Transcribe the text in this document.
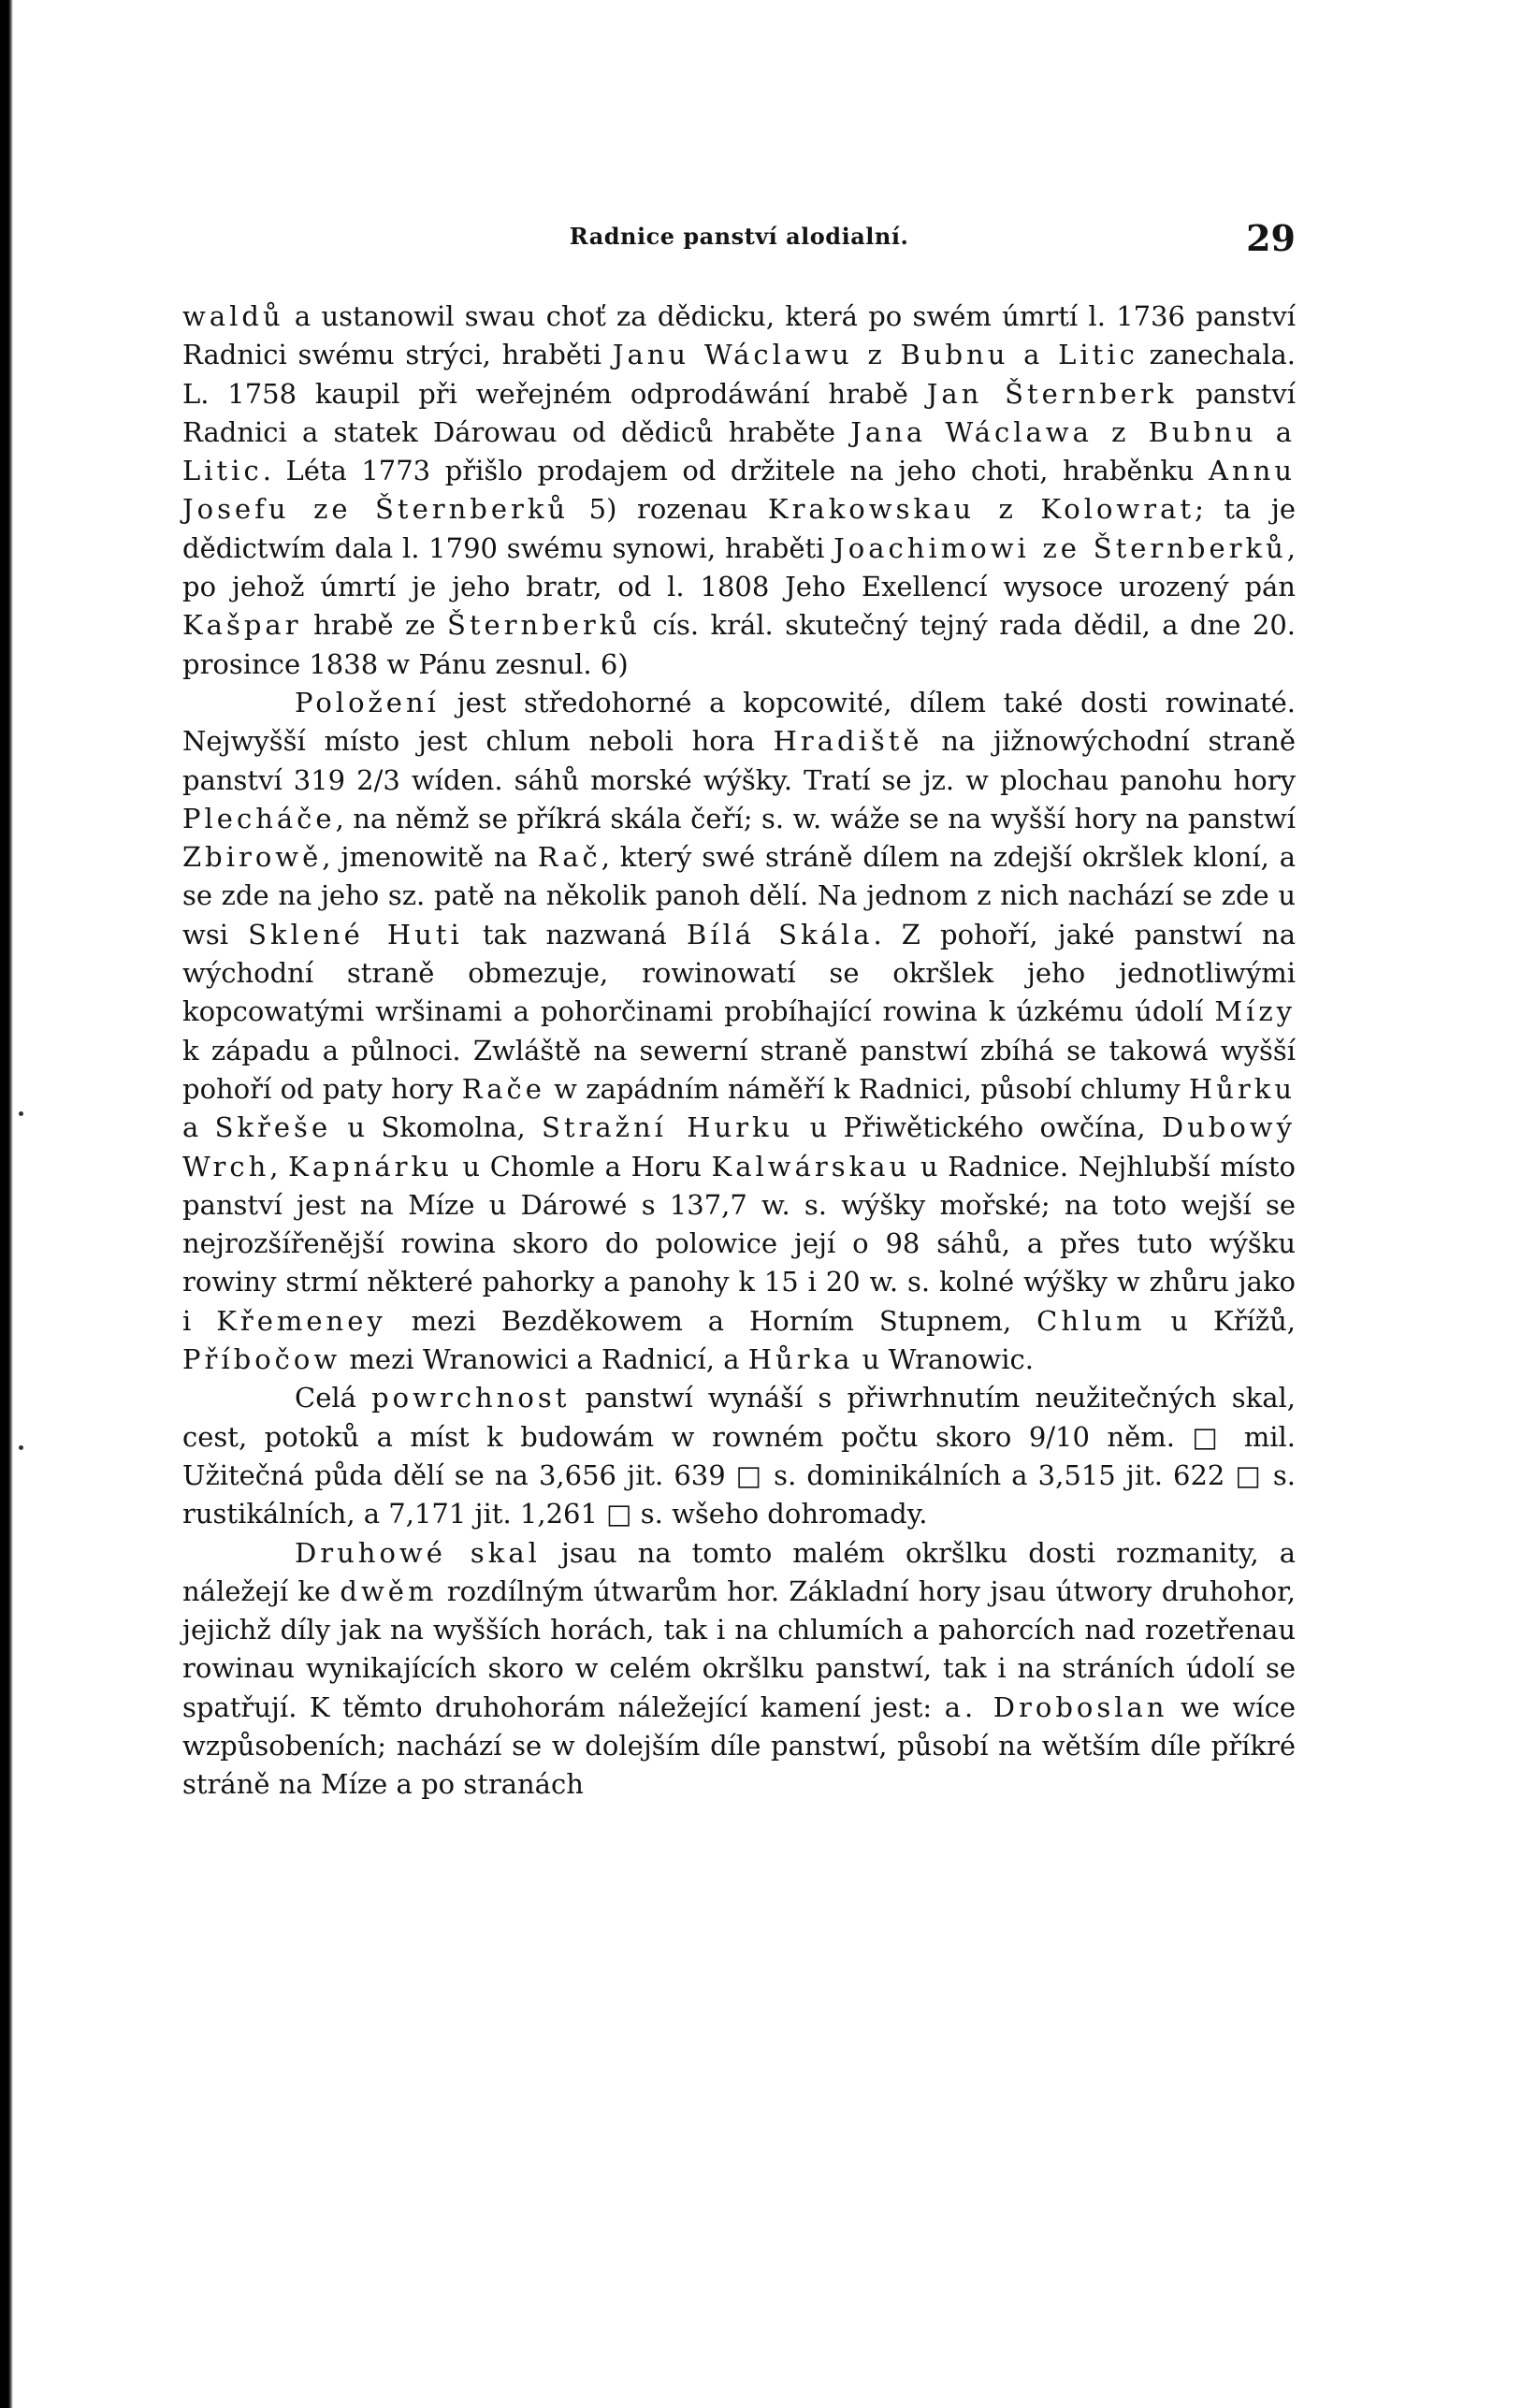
Radnice panství alodialní.	29

waldů a ustanowil swau choť za dědicku, která po swém úmrtí l. 1736 panství Radnici swému strýci, hraběti Janu Wáclawu z Bubnu a Litic zanechala. L. 1758 kaupil při weřejném odprodáwání hrabě Jan Šternberk panství Radnici a statek Dárowau od dědiců hraběte Jana Wáclawa z Bubnu a Litic. Léta 1773 přišlo prodajem od držitele na jeho choti, hraběnku Annu Josefu ze Šternberků 5) rozenau Krakowskau z Kolowrat; ta je dědictwím dala l. 1790 swému synowi, hraběti Joachimowi ze Šternberků, po jehož úmrtí je jeho bratr, od l. 1808 Jeho Exellencí wysoce urozený pán Kašpar hrabě ze Šternberků cís. král. skutečný tejný rada dědil, a dne 20. prosince 1838 w Pánu zesnul. 6)

Položení jest středohorné a kopcowité, dílem také dosti rowinaté. Nejwyšší místo jest chlum neboli hora Hradiště na jižnowýchodní straně panství 319 2/3 wíden. sáhů morské wýšky. Tratí se jz. w plochau panohu hory Plecháče, na němž se příkrá skála čeří; s. w. wáže se na wyšší hory na panstwí Zbirowě, jmenowitě na Rač, který swé stráně dílem na zdejší okršlek kloní, a se zde na jeho sz. patě na několik panoh dělí. Na jednom z nich nachází se zde u wsi Sklené Huti tak nazwaná Bílá Skála. Z pohoří, jaké panstwí na wýchodní straně obmezuje, rowinowatí se okršlek jeho jednotliwými kopcowatými wršinami a pohorčinami probíhající rowina k úzkému údolí Mízy k západu a půlnoci. Zwláště na sewerní straně panstwí zbíhá se takowá wyšší pohoří od paty hory Rače w zapádním náměří k Radnici, působí chlumy Hůrku a Skřeše u Skomolna, Stražní Hurku u Přiwětického owčína, Dubowý Wrch, Kapnárku u Chomle a Horu Kalwárskau u Radnice. Nejhlubší místo panství jest na Míze u Dárowé s 137,7 w. s. wýšky mořské; na toto wejší se nejrozšířenější rowina skoro do polowice její o 98 sáhů, a přes tuto wýšku rowiny strmí některé pahorky a panohy k 15 i 20 w. s. kolné wýšky w zhůru jako i Křemeney mezi Bezděkowem a Horním Stupnem, Chlum u Křížů, Příbočow mezi Wranowici a Radnicí, a Hůrka u Wranowic.

Celá powrchnost panstwí wynáší s přiwrhnutím neužitečných skal, cest, potoků a míst k budowám w rowném počtu skoro 9/10 něm. □ mil. Užitečná půda dělí se na 3,656 jit. 639 □ s. dominikálních a 3,515 jit. 622 □ s. rustikálních, a 7,171 jit. 1,261 □ s. wšeho dohromady.

Druhowé skal jsau na tomto malém okršlku dosti rozmanity, a náležejí ke dwěm rozdílným útwarům hor. Základní hory jsau útwory druhohor, jejichž díly jak na wyšších horách, tak i na chlumích a pahorcích nad rozetřenau rowinau wynikajících skoro w celém okršlku panstwí, tak i na stráních údolí se spatřují. K těmto druhohorám náležející kamení jest: a. Droboslan we wíce wzpůsobeních; nachází se w dolejším díle panstwí, působí na wětším díle příkré stráně na Míze a po stranách
